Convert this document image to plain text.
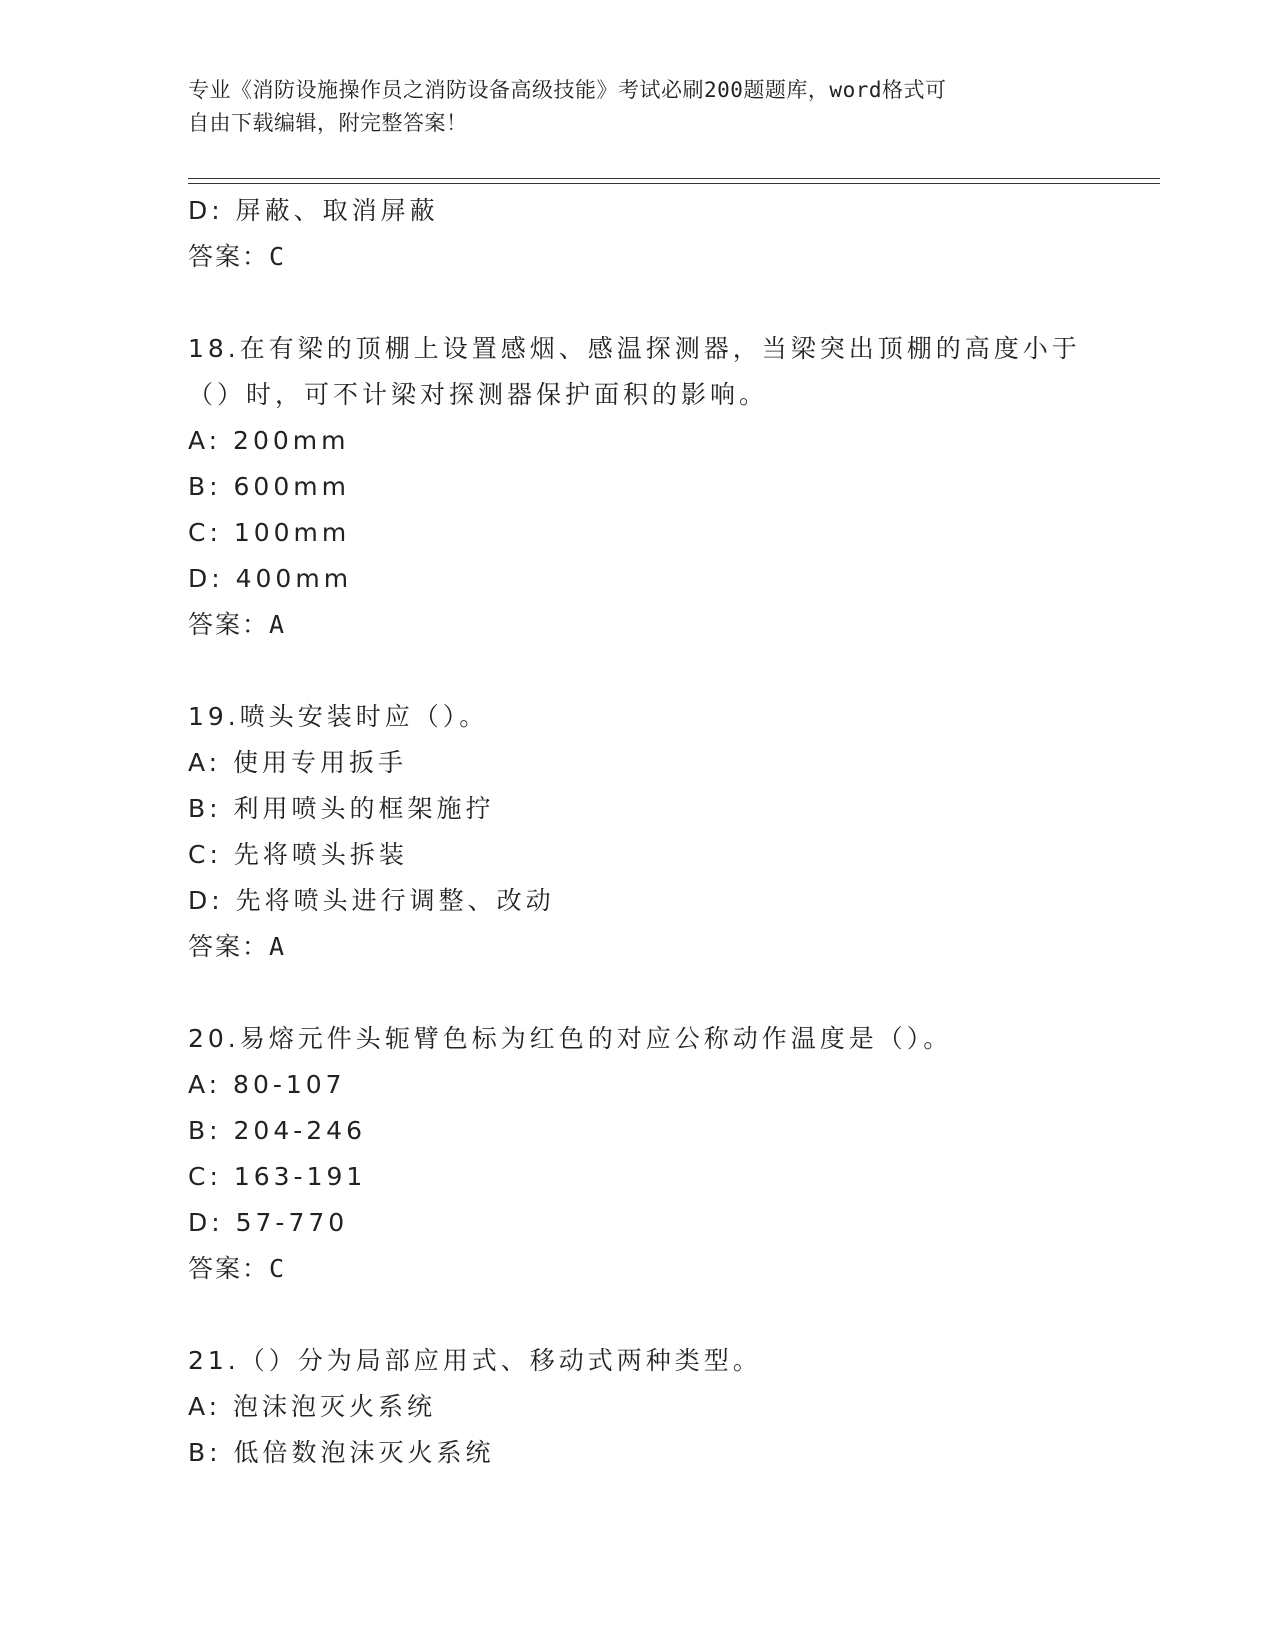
专业《消防设施操作员之消防设备高级技能》考试必刷200题题库，word格式可
自由下载编辑，附完整答案！
D: 屏蔽、取消屏蔽
答案：C
18.在有梁的顶棚上设置感烟、感温探测器，当梁突出顶棚的高度小于
（）时，可不计梁对探测器保护面积的影响。
A: 200mm
B: 600mm
C: 100mm
D: 400mm
答案：A
19.喷头安装时应（）。
A: 使用专用扳手
B: 利用喷头的框架施拧
C: 先将喷头拆装
D: 先将喷头进行调整、改动
答案：A
20.易熔元件头轭臂色标为红色的对应公称动作温度是（）。
A: 80-107
B: 204-246
C: 163-191
D: 57-770
答案：C
21.（）分为局部应用式、移动式两种类型。
A: 泡沫泡灭火系统
B: 低倍数泡沫灭火系统
